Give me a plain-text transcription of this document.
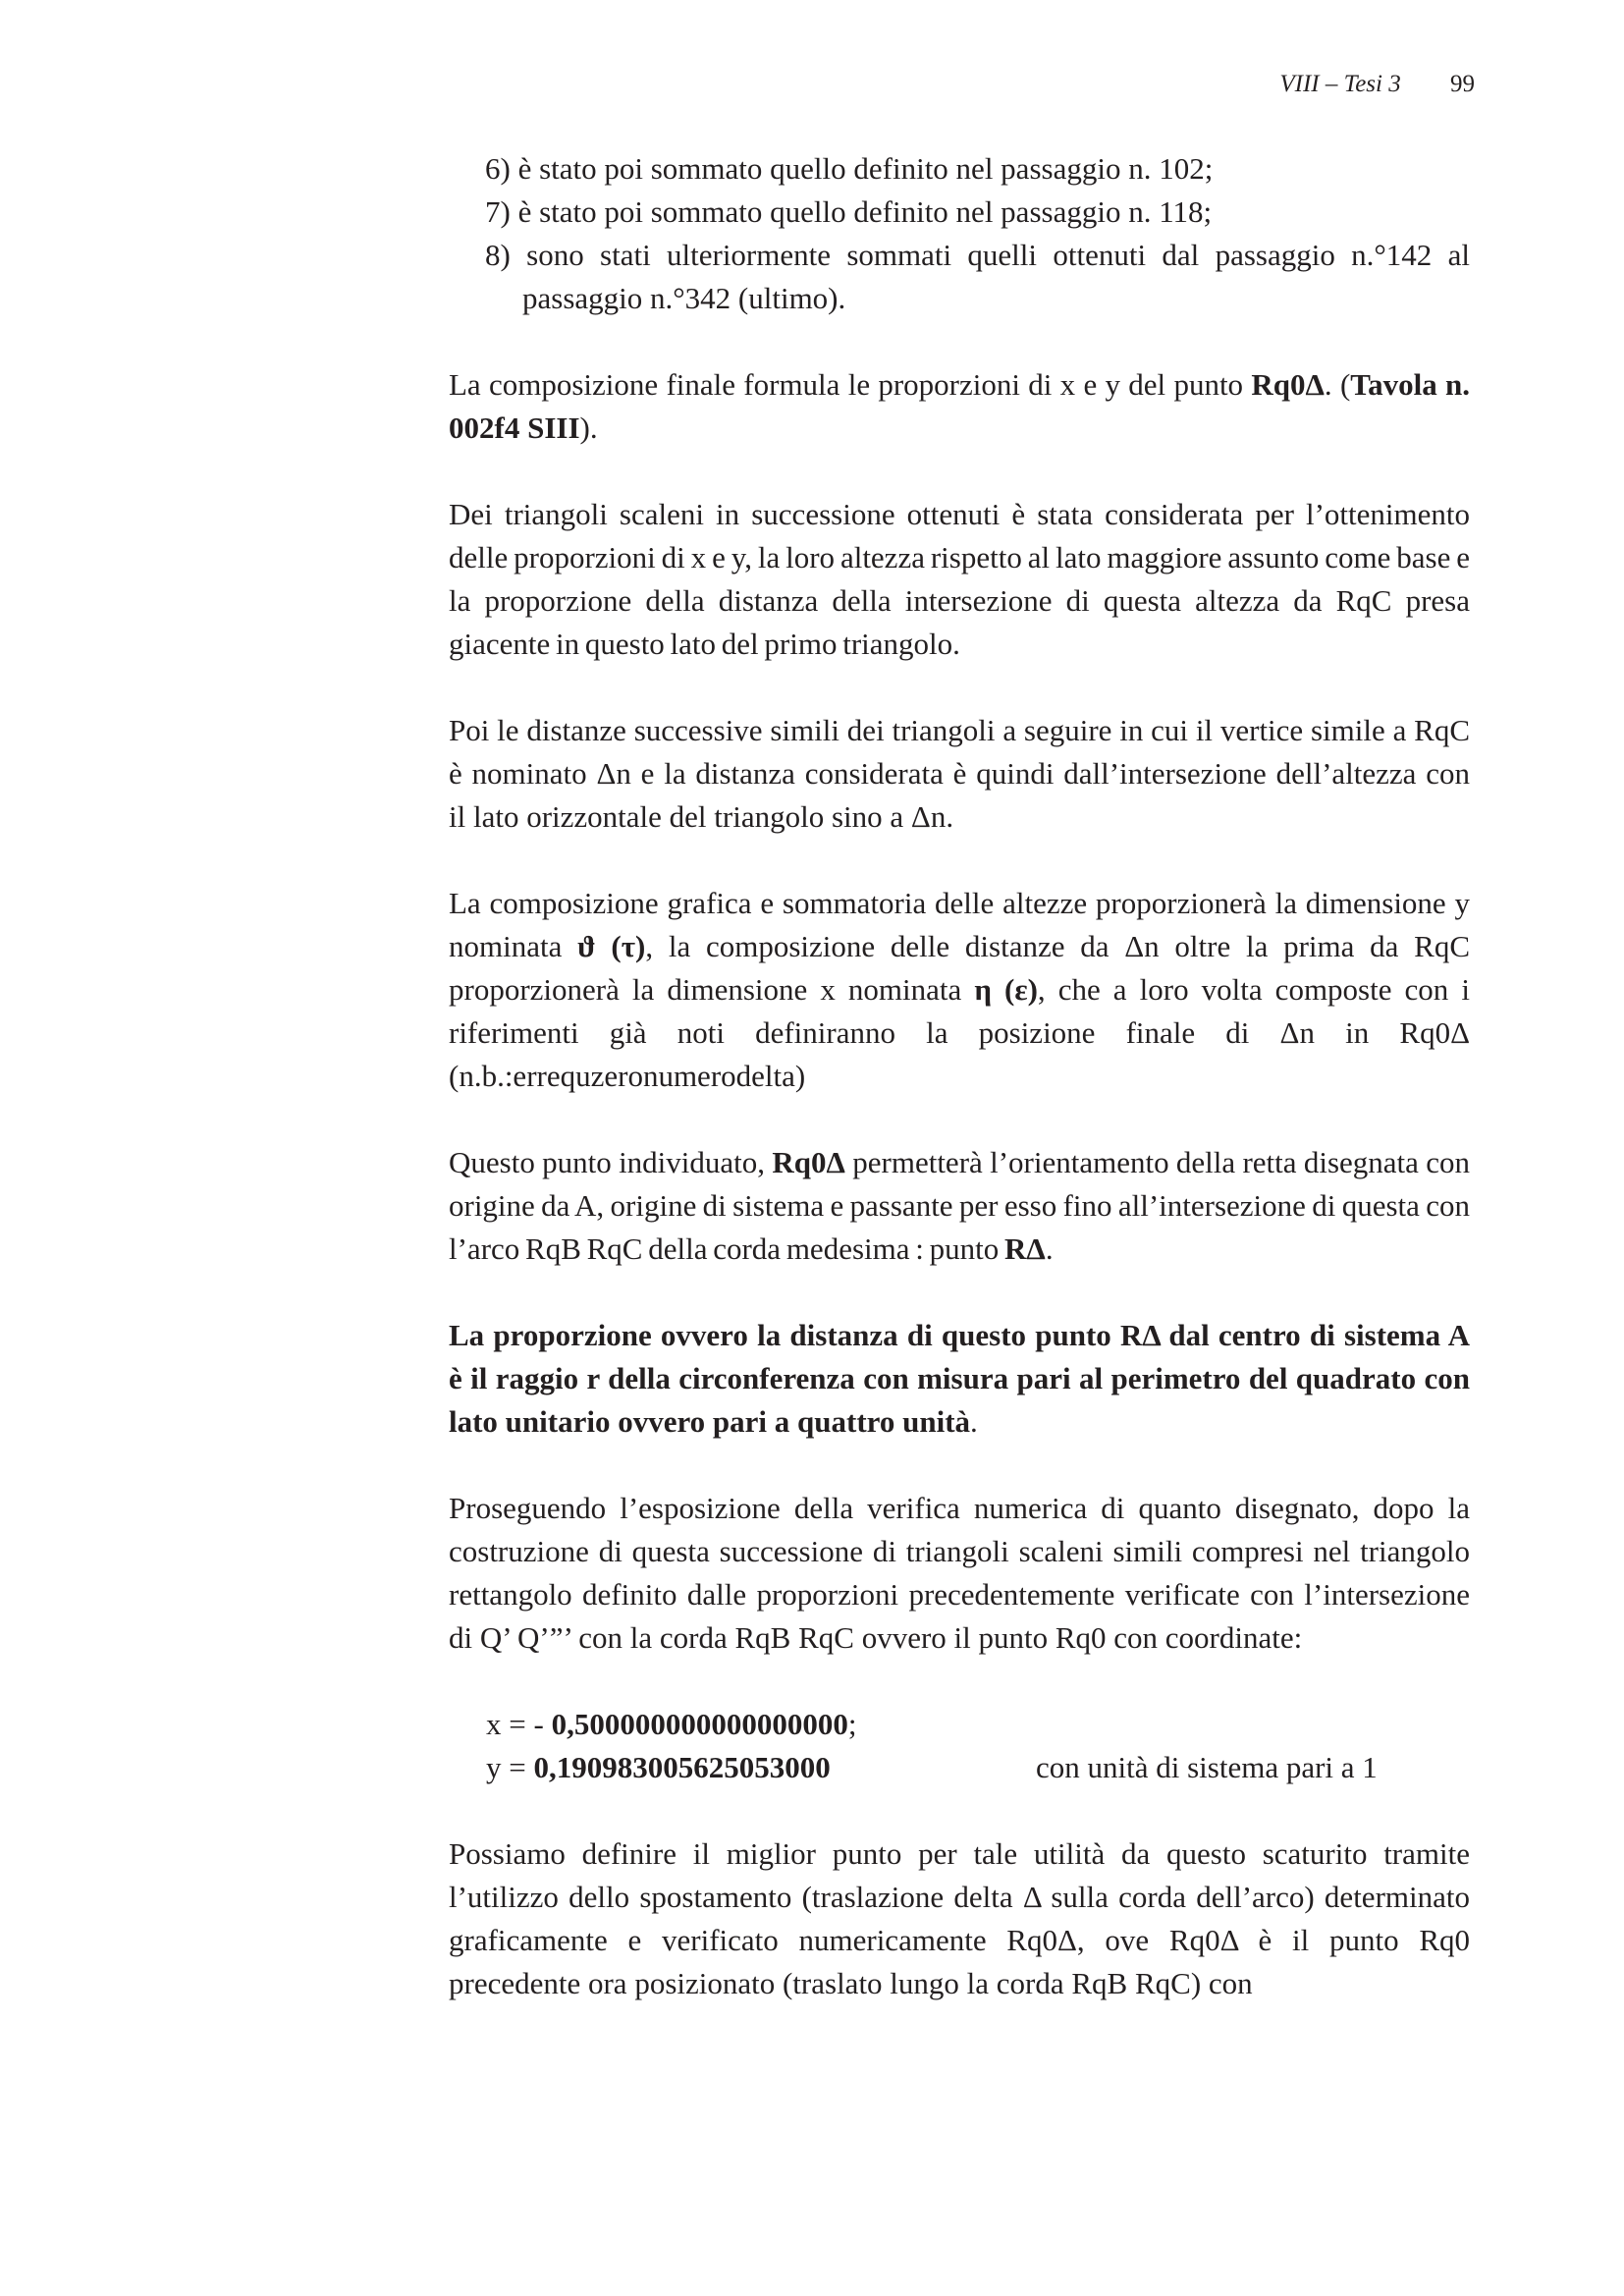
VIII – Tesi 3 99
6) è stato poi sommato quello definito nel passaggio n. 102;
7) è stato poi sommato quello definito nel passaggio n. 118;
8) sono stati ulteriormente sommati quelli ottenuti dal passaggio n.°142 al passaggio n.°342 (ultimo).

La composizione finale formula le proporzioni di x e y del punto Rq0Δ. (Tavola n. 002f4 SIII).

Dei triangoli scaleni in successione ottenuti è stata considerata per l’ottenimento delle proporzioni di x e y, la loro altezza rispetto al lato maggiore assunto come base e la proporzione della distanza della intersezione di questa altezza da RqC presa giacente in questo lato del primo triangolo.

Poi le distanze successive simili dei triangoli a seguire in cui il vertice simile a RqC è nominato Δn e la distanza considerata è quindi dall’intersezione dell’altezza con il lato orizzontale del triangolo sino a Δn.

La composizione grafica e sommatoria delle altezze proporzionerà la dimensione y nominata ϑ (τ), la composizione delle distanze da Δn oltre la prima da RqC proporzionerà la dimensione x nominata η (ε), che a loro volta composte con i riferimenti già noti definiranno la posizione finale di Δn in Rq0Δ (n.b.:errequzeronumerodelta)

Questo punto individuato, Rq0Δ permetterà l’orientamento della retta disegnata con origine da A, origine di sistema e passante per esso fino all’intersezione di questa con l’arco RqB RqC della corda medesima : punto RΔ.

La proporzione ovvero la distanza di questo punto RΔ dal centro di sistema A è il raggio r della circonferenza con misura pari al perimetro del quadrato con lato unitario ovvero pari a quattro unità.

Proseguendo l’esposizione della verifica numerica di quanto disegnato, dopo la costruzione di questa successione di triangoli scaleni simili compresi nel triangolo rettangolo definito dalle proporzioni precedentemente verificate con l’intersezione di Q’ Q’”’ con la corda RqB RqC ovvero il punto Rq0 con coordinate:

x = - 0,500000000000000000;
y = 0,190983005625053000	con unità di sistema pari a 1

Possiamo definire il miglior punto per tale utilità da questo scaturito tramite l’utilizzo dello spostamento (traslazione delta Δ sulla corda dell’arco) determinato graficamente e verificato numericamente Rq0Δ, ove Rq0Δ è il punto Rq0 precedente ora posizionato (traslato lungo la corda RqB RqC) con
